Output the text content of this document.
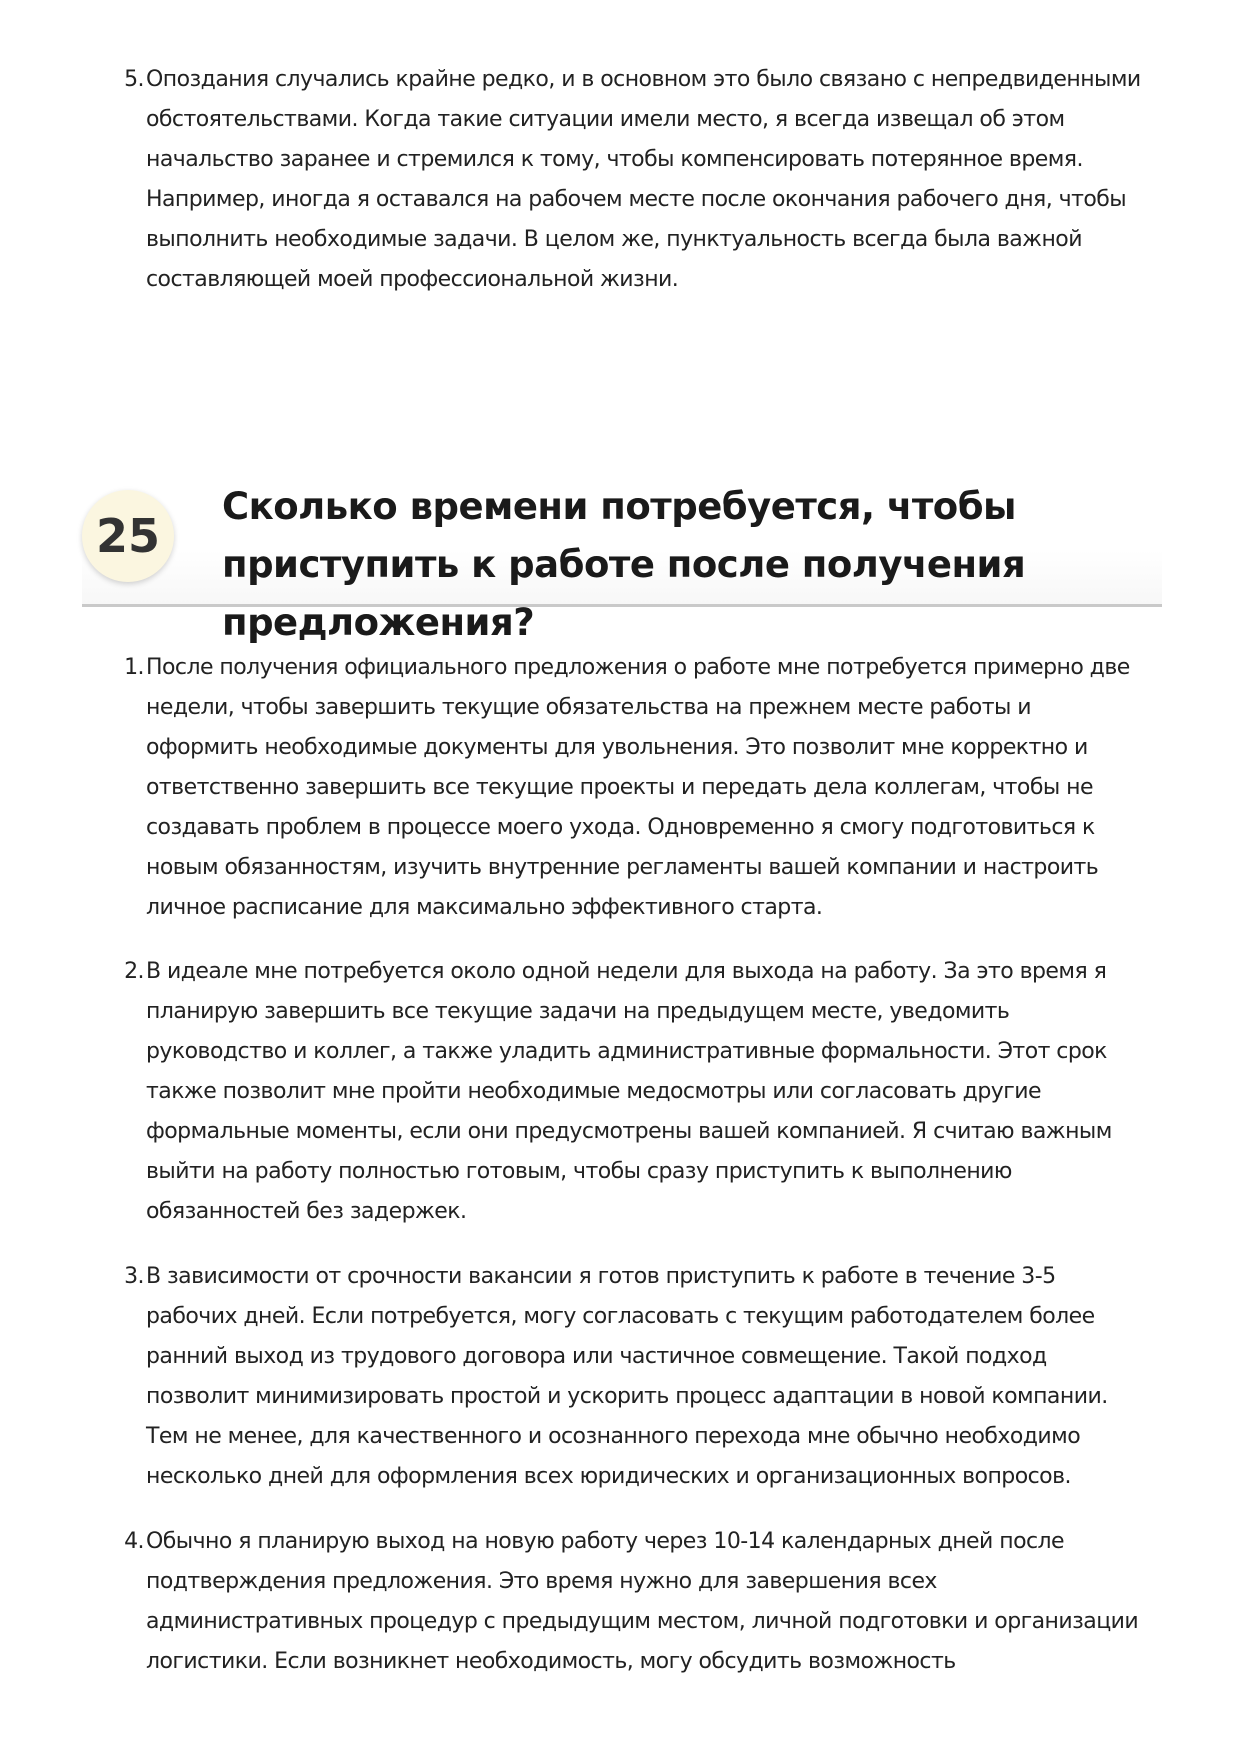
5. Опоздания случались крайне редко, и в основном это было связано с непредвиденными обстоятельствами. Когда такие ситуации имели место, я всегда извещал об этом начальство заранее и стремился к тому, чтобы компенсировать потерянное время. Например, иногда я оставался на рабочем месте после окончания рабочего дня, чтобы выполнить необходимые задачи. В целом же, пунктуальность всегда была важной составляющей моей профессиональной жизни.
25
Сколько времени потребуется, чтобы приступить к работе после получения предложения?
1. После получения официального предложения о работе мне потребуется примерно две недели, чтобы завершить текущие обязательства на прежнем месте работы и оформить необходимые документы для увольнения. Это позволит мне корректно и ответственно завершить все текущие проекты и передать дела коллегам, чтобы не создавать проблем в процессе моего ухода. Одновременно я смогу подготовиться к новым обязанностям, изучить внутренние регламенты вашей компании и настроить личное расписание для максимально эффективного старта.
2. В идеале мне потребуется около одной недели для выхода на работу. За это время я планирую завершить все текущие задачи на предыдущем месте, уведомить руководство и коллег, а также уладить административные формальности. Этот срок также позволит мне пройти необходимые медосмотры или согласовать другие формальные моменты, если они предусмотрены вашей компанией. Я считаю важным выйти на работу полностью готовым, чтобы сразу приступить к выполнению обязанностей без задержек.
3. В зависимости от срочности вакансии я готов приступить к работе в течение 3-5 рабочих дней. Если потребуется, могу согласовать с текущим работодателем более ранний выход из трудового договора или частичное совмещение. Такой подход позволит минимизировать простой и ускорить процесс адаптации в новой компании. Тем не менее, для качественного и осознанного перехода мне обычно необходимо несколько дней для оформления всех юридических и организационных вопросов.
4. Обычно я планирую выход на новую работу через 10-14 календарных дней после подтверждения предложения. Это время нужно для завершения всех административных процедур с предыдущим местом, личной подготовки и организации логистики. Если возникнет необходимость, могу обсудить возможность
